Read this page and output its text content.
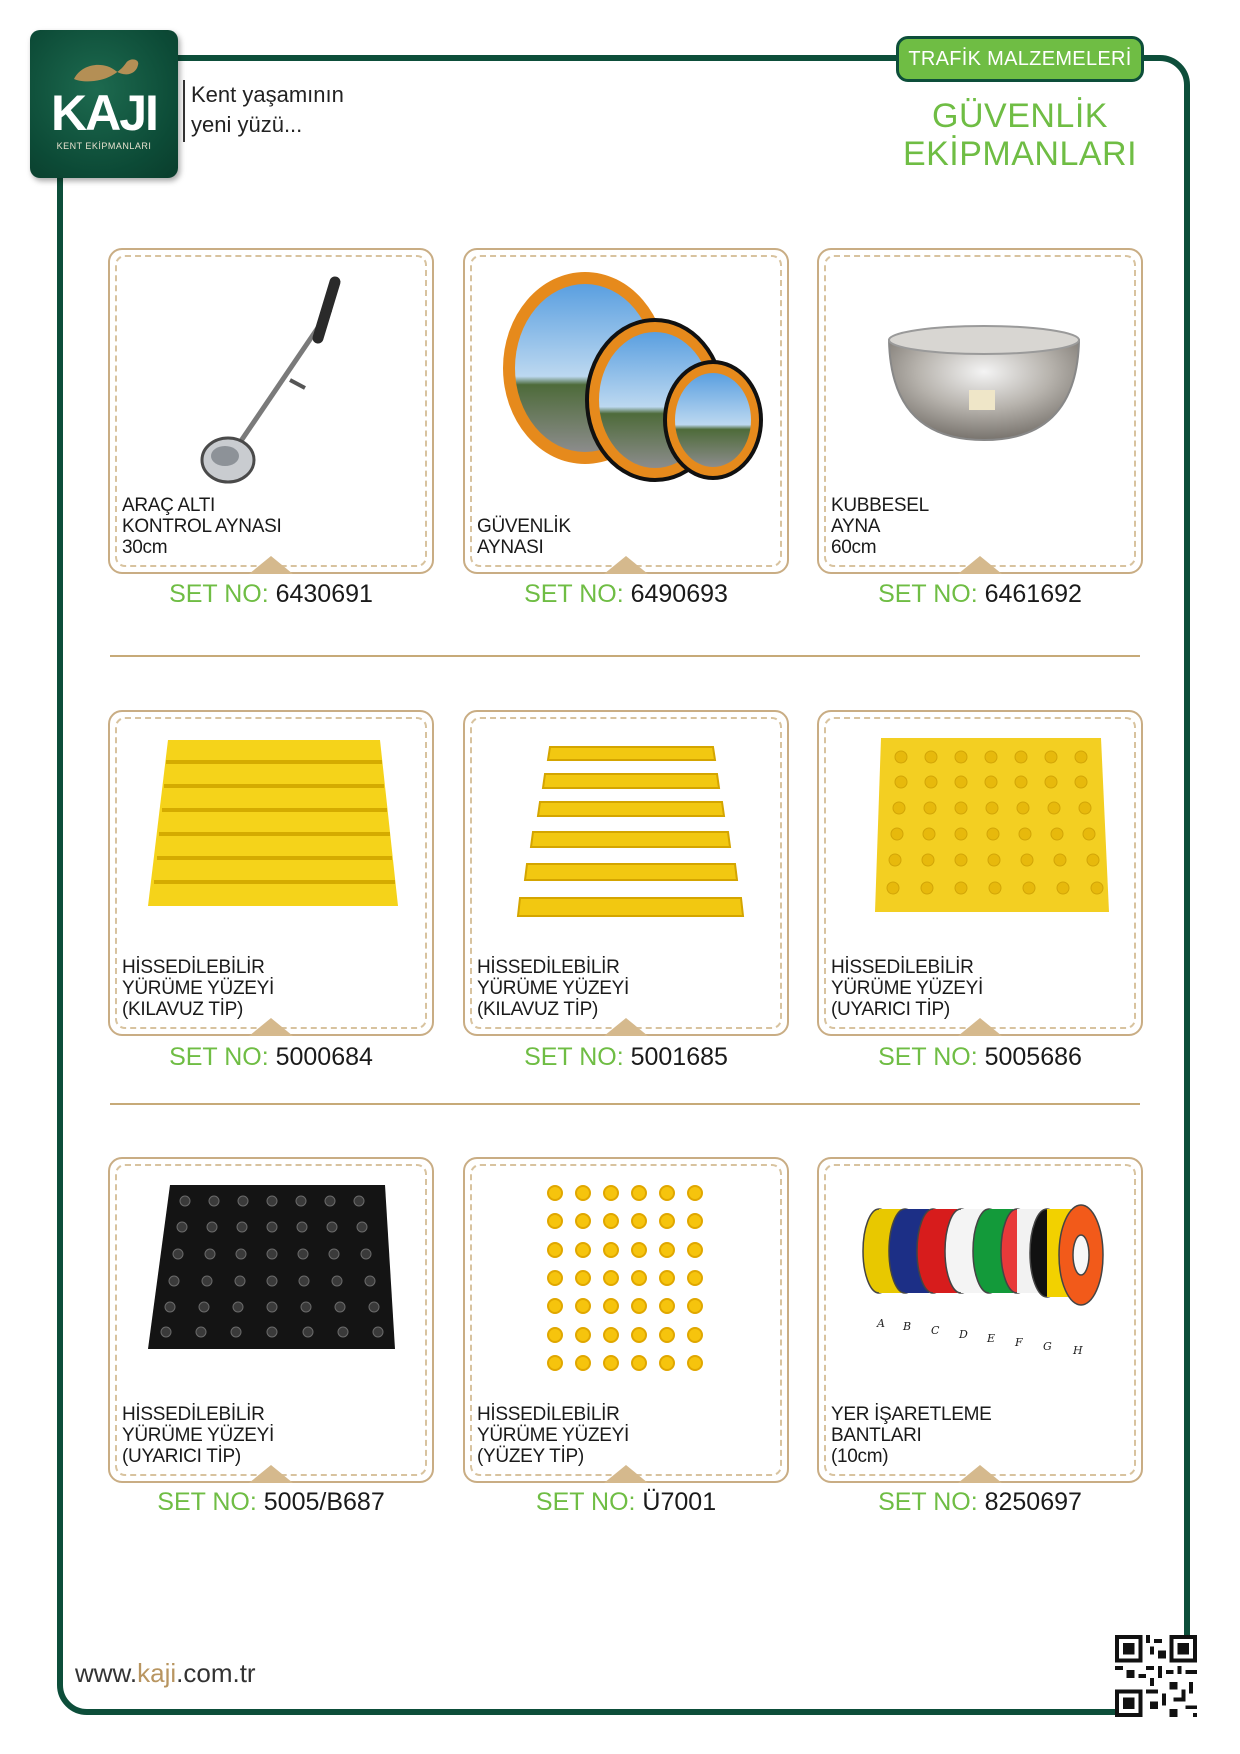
KAJI
KENT EKİPMANLARI
Kent yaşamının
yeni yüzü...
TRAFİK MALZEMELERİ
GÜVENLİK
EKİPMANLARI
ARAÇ ALTI
KONTROL AYNASI
30cm
SET NO: 6430691
GÜVENLİK
AYNASI
SET NO: 6490693
KUBBESEL
AYNA
60cm
SET NO: 6461692
HİSSEDİLEBİLİR
YÜRÜME YÜZEYİ
(KILAVUZ TİP)
SET NO: 5000684
HİSSEDİLEBİLİR
YÜRÜME YÜZEYİ
(KILAVUZ TİP)
SET NO: 5001685
HİSSEDİLEBİLİR
YÜRÜME YÜZEYİ
(UYARICI TİP)
SET NO: 5005686
HİSSEDİLEBİLİR
YÜRÜME YÜZEYİ
(UYARICI TİP)
SET NO: 5005/B687
HİSSEDİLEBİLİR
YÜRÜME YÜZEYİ
(YÜZEY TİP)
SET NO: Ü7001
A B C D E F G H
YER İŞARETLEME
BANTLARI
(10cm)
SET NO: 8250697
www.kaji.com.tr
